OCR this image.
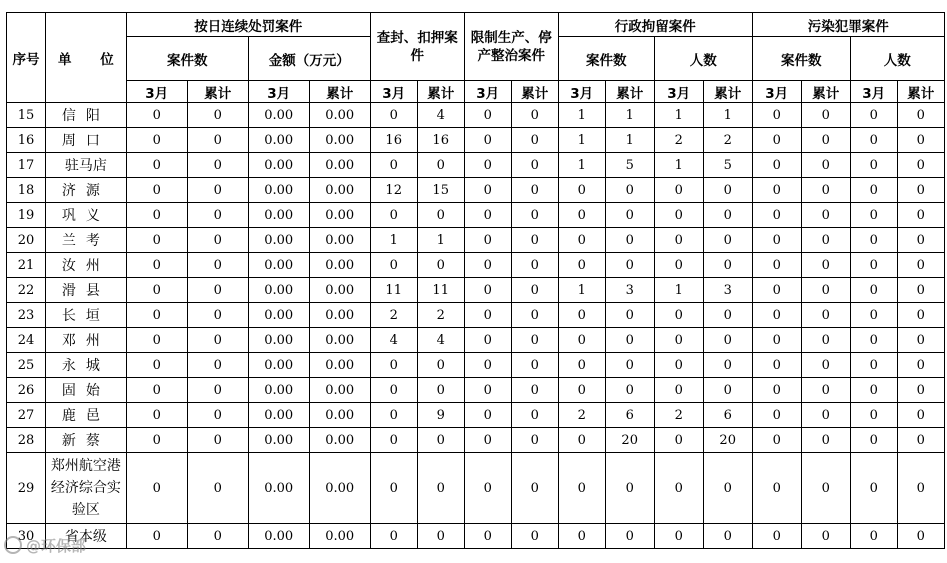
序号	单 位	按日连续处罚案件				查封、扣押案件		限制生产、停产整治案件		行政拘留案件				污染犯罪案件			
		案件数		金额（万元）						案件数		人数		案件数		人数	
		3月	累计	3月	累计	3月	累计	3月	累计	3月	累计	3月	累计	3月	累计	3月	累计
15	信阳	0	0	0.00	0.00	0	4	0	0	1	1	1	1	0	0	0	0
16	周口	0	0	0.00	0.00	16	16	0	0	1	1	2	2	0	0	0	0
17	驻马店	0	0	0.00	0.00	0	0	0	0	1	5	1	5	0	0	0	0
18	济源	0	0	0.00	0.00	12	15	0	0	0	0	0	0	0	0	0	0
19	巩义	0	0	0.00	0.00	0	0	0	0	0	0	0	0	0	0	0	0
20	兰考	0	0	0.00	0.00	1	1	0	0	0	0	0	0	0	0	0	0
21	汝州	0	0	0.00	0.00	0	0	0	0	0	0	0	0	0	0	0	0
22	滑县	0	0	0.00	0.00	11	11	0	0	1	3	1	3	0	0	0	0
23	长垣	0	0	0.00	0.00	2	2	0	0	0	0	0	0	0	0	0	0
24	邓州	0	0	0.00	0.00	4	4	0	0	0	0	0	0	0	0	0	0
25	永城	0	0	0.00	0.00	0	0	0	0	0	0	0	0	0	0	0	0
26	固始	0	0	0.00	0.00	0	0	0	0	0	0	0	0	0	0	0	0
27	鹿邑	0	0	0.00	0.00	0	9	0	0	2	6	2	6	0	0	0	0
28	新蔡	0	0	0.00	0.00	0	0	0	0	0	20	0	20	0	0	0	0
29	郑州航空港经济综合实验区	0	0	0.00	0.00	0	0	0	0	0	0	0	0	0	0	0	0
30	省本级	0	0	0.00	0.00	0	0	0	0	0	0	0	0	0	0	0	0
@环保部
